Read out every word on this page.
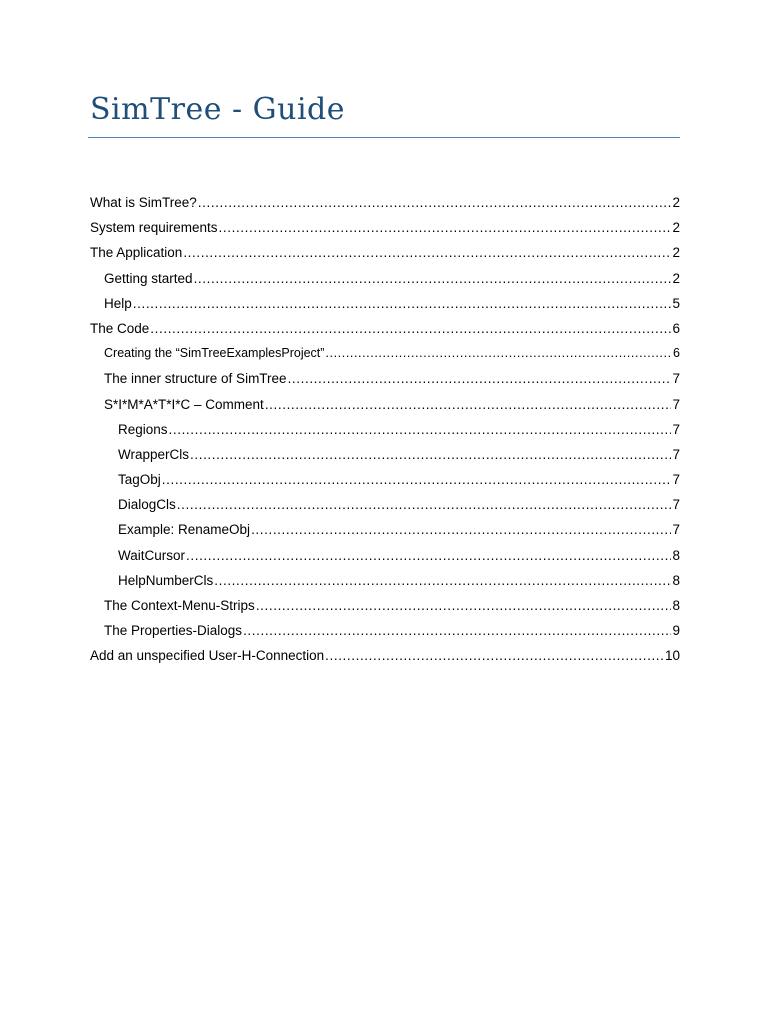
SimTree - Guide
What is SimTree? .....	2
System requirements .....	2
The Application .....	2
Getting started .....	2
Help .....	5
The Code .....	6
Creating the “SimTreeExamplesProject” .....	6
The inner structure of SimTree .....	7
S*I*M*A*T*I*C – Comment .....	7
Regions .....	7
WrapperCls .....	7
TagObj .....	7
DialogCls .....	7
Example: RenameObj .....	7
WaitCursor .....	8
HelpNumberCls .....	8
The Context-Menu-Strips .....	8
The Properties-Dialogs .....	9
Add an unspecified User-H-Connection .....	10
